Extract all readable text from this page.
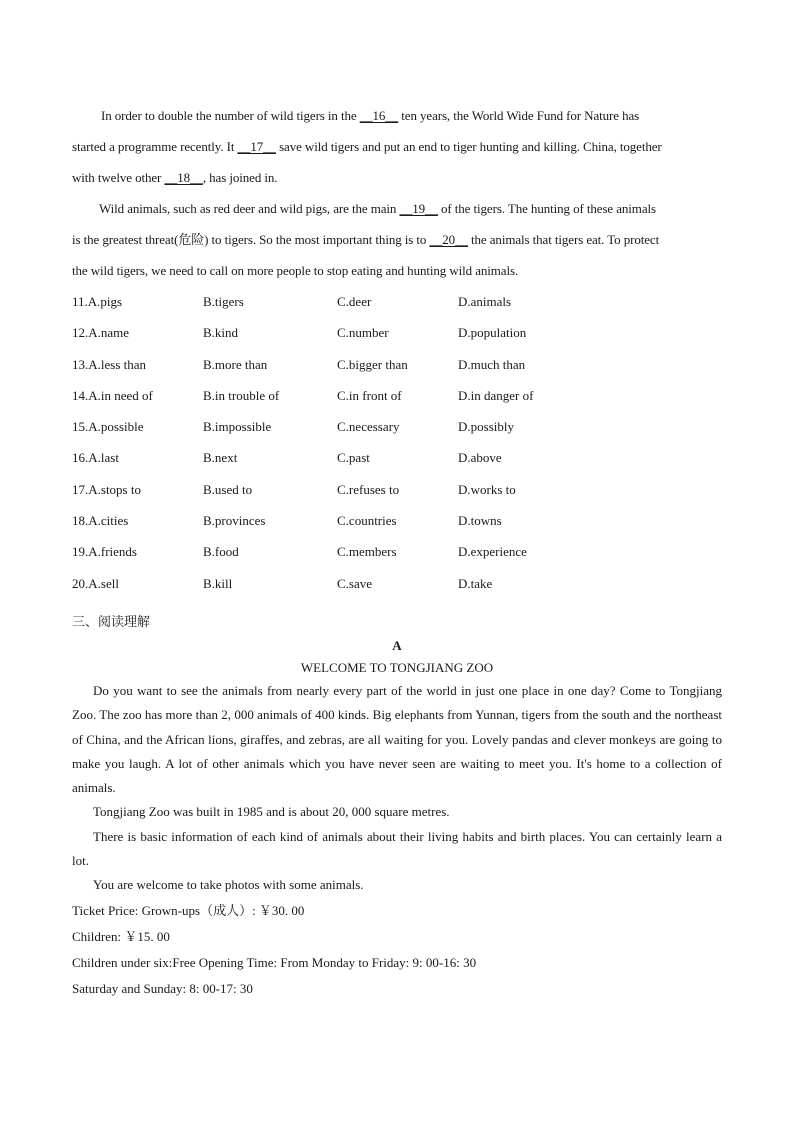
In order to double the number of wild tigers in the __16__ ten years, the World Wide Fund for Nature has
started a programme recently. It __17__ save wild tigers and put an end to tiger hunting and killing. China, together
with twelve other __18__, has joined in.
Wild animals, such as red deer and wild pigs, are the main __19__ of the tigers. The hunting of these animals
is the greatest threat(危险) to tigers. So the most important thing is to __20__ the animals that tigers eat. To protect
the wild tigers, we need to call on more people to stop eating and hunting wild animals.
11.A.pigs	B.tigers	C.deer	D.animals
12.A.name	B.kind	C.number	D.population
13.A.less than	B.more than	C.bigger than	D.much than
14.A.in need of	B.in trouble of	C.in front of	D.in danger of
15.A.possible	B.impossible	C.necessary	D.possibly
16.A.last	B.next	C.past	D.above
17.A.stops to	B.used to	C.refuses to	D.works to
18.A.cities	B.provinces	C.countries	D.towns
19.A.friends	B.food	C.members	D.experience
20.A.sell	B.kill	C.save	D.take
三、阅读理解
A
WELCOME TO TONGJIANG ZOO
Do you want to see the animals from nearly every part of the world in just one place in one day? Come to Tongjiang Zoo. The zoo has more than 2, 000 animals of 400 kinds. Big elephants from Yunnan, tigers from the south and the northeast of China, and the African lions, giraffes, and zebras, are all waiting for you. Lovely pandas and clever monkeys are going to make you laugh. A lot of other animals which you have never seen are waiting to meet you. It's home to a collection of animals.
Tongjiang Zoo was built in 1985 and is about 20, 000 square metres.
There is basic information of each kind of animals about their living habits and birth places. You can certainly learn a lot.
You are welcome to take photos with some animals.
Ticket Price: Grown-ups（成人）: ￥30. 00
Children: ￥15. 00
Children under six:Free Opening Time: From Monday to Friday: 9: 00-16: 30
Saturday and Sunday: 8: 00-17: 30
